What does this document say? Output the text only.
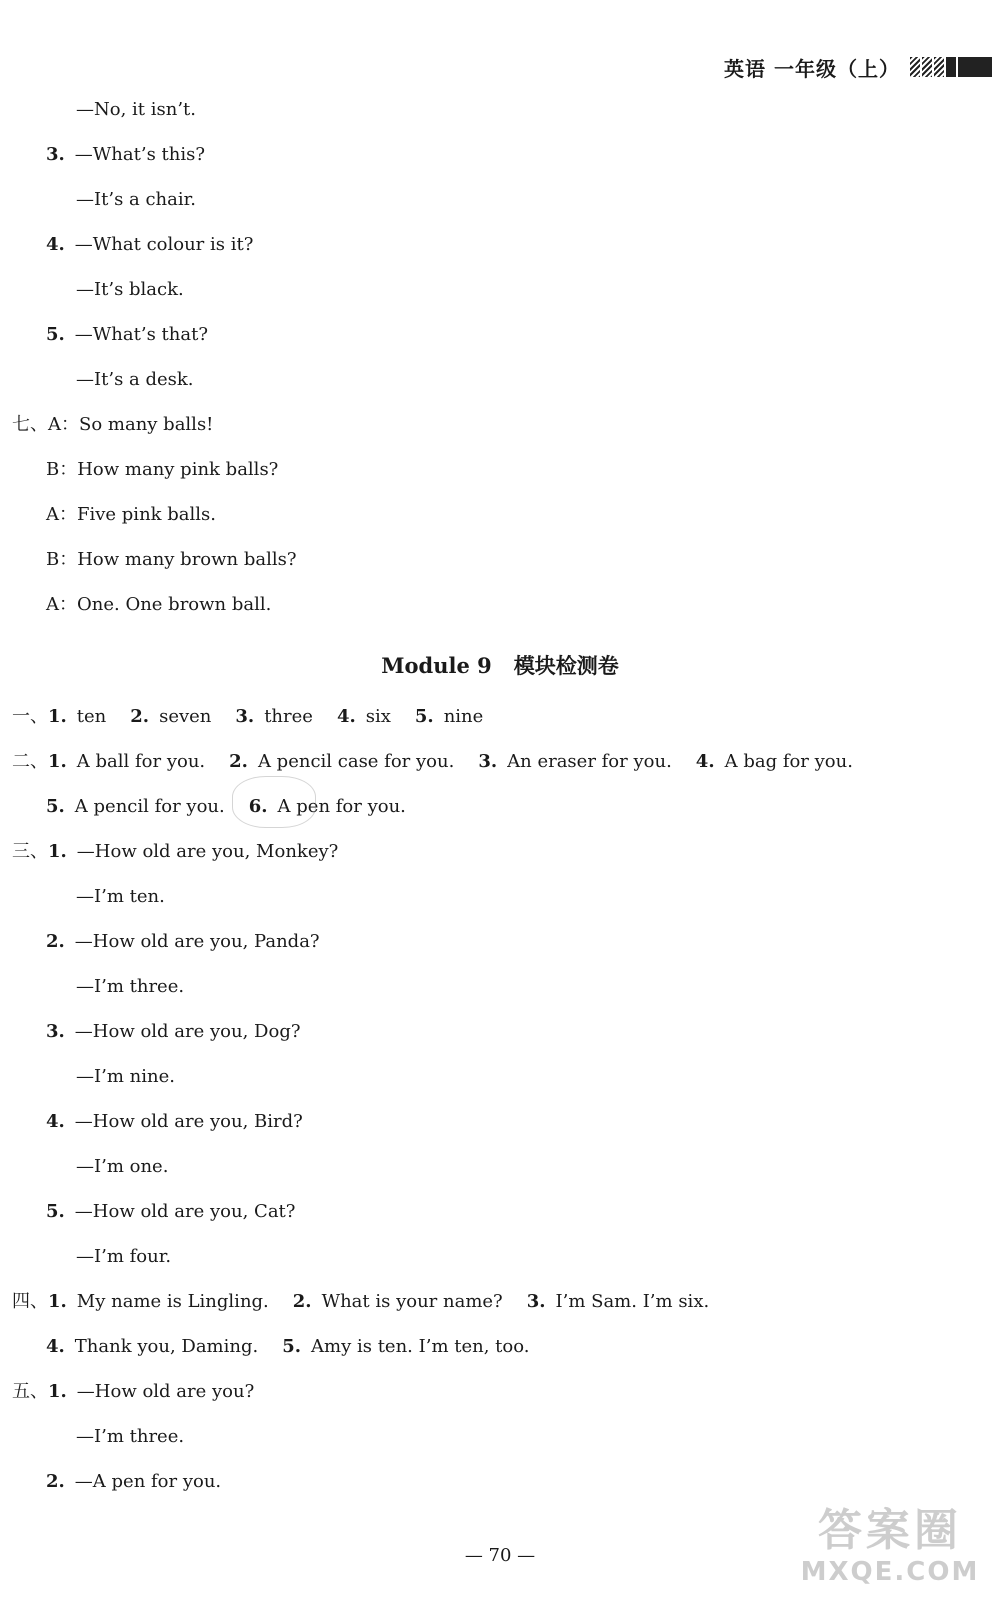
英语 一年级（上）
—No, it isn’t.
3. —What’s this?
—It’s a chair.
4. —What colour is it?
—It’s black.
5. —What’s that?
—It’s a desk.
七、A：So many balls!
B：How many pink balls?
A：Five pink balls.
B：How many brown balls?
A：One. One brown ball.
Module 9 模块检测卷
一、1. ten 2. seven 3. three 4. six 5. nine
二、1. A ball for you. 2. A pencil case for you. 3. An eraser for you. 4. A bag for you.
5. A pencil for you. 6. A pen for you.
三、1. —How old are you, Monkey?
—I’m ten.
2. —How old are you, Panda?
—I’m three.
3. —How old are you, Dog?
—I’m nine.
4. —How old are you, Bird?
—I’m one.
5. —How old are you, Cat?
—I’m four.
四、1. My name is Lingling. 2. What is your name? 3. I’m Sam. I’m six.
4. Thank you, Daming. 5. Amy is ten. I’m ten, too.
五、1. —How old are you?
—I’m three.
2. —A pen for you.
— 70 —	答案圈
MXQE.COM
